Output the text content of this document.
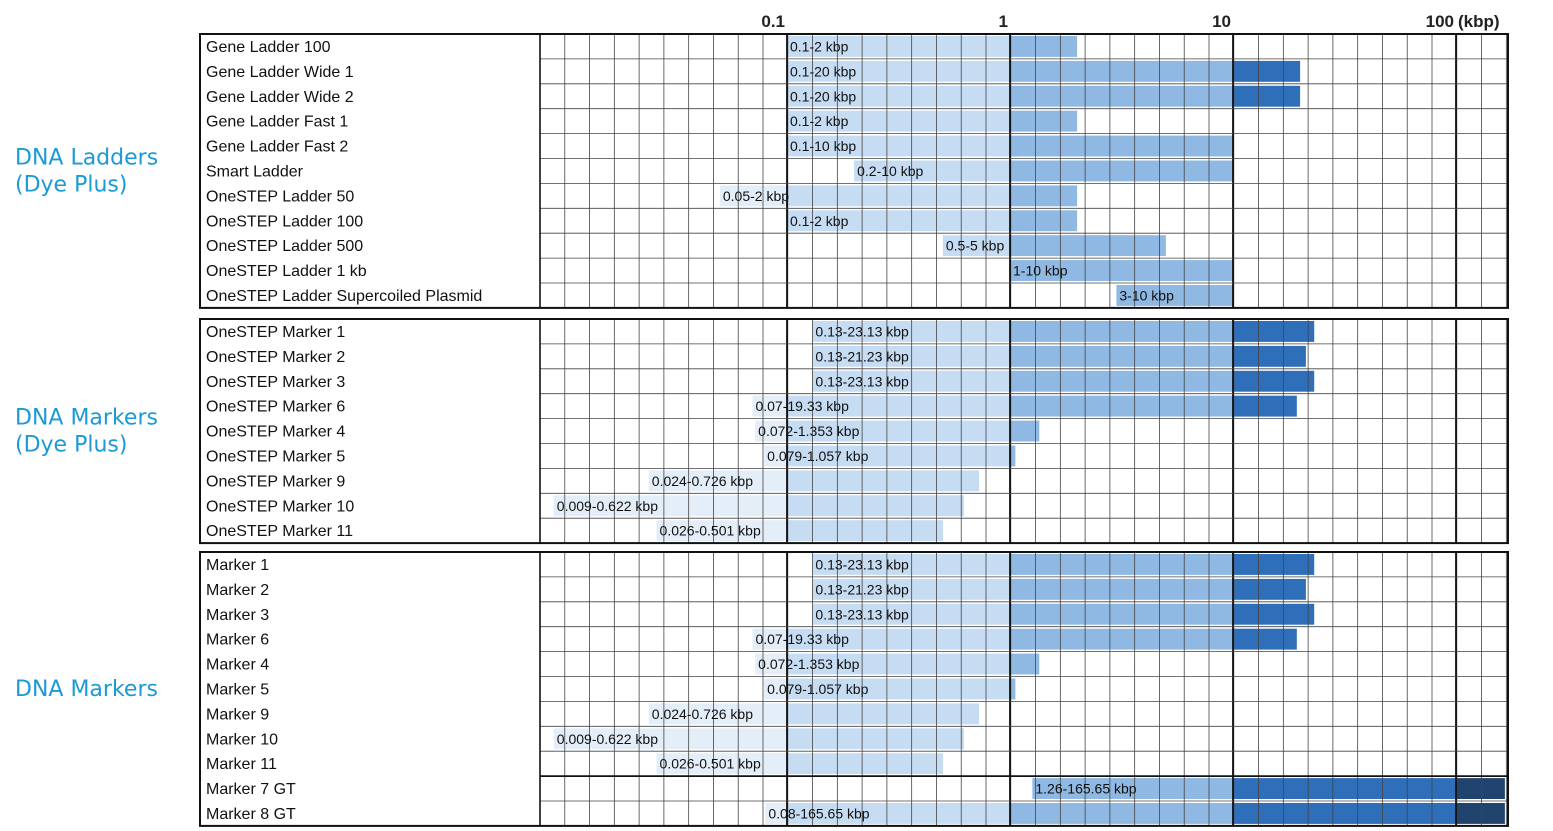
0.1	1	10	100 (kbp)
Gene Ladder 100	0.1-2 kbp
Gene Ladder Wide 1	0.1-20 kbp
Gene Ladder Wide 2	0.1-20 kbp
Gene Ladder Fast 1	0.1-2 kbp
Gene Ladder Fast 2	0.1-10 kbp
Smart Ladder	0.2-10 kbp
OneSTEP Ladder 50	0.05-2 kbp
OneSTEP Ladder 100	0.1-2 kbp
OneSTEP Ladder 500	0.5-5 kbp
OneSTEP Ladder 1 kb	1-10 kbp
OneSTEP Ladder Supercoiled Plasmid	3-10 kbp
DNA Ladders (Dye Plus)
OneSTEP Marker 1	0.13-23.13 kbp
OneSTEP Marker 2	0.13-21.23 kbp
OneSTEP Marker 3	0.13-23.13 kbp
OneSTEP Marker 6	0.07-19.33 kbp
OneSTEP Marker 4	0.072-1.353 kbp
OneSTEP Marker 5	0.079-1.057 kbp
OneSTEP Marker 9	0.024-0.726 kbp
OneSTEP Marker 10	0.009-0.622 kbp
OneSTEP Marker 11	0.026-0.501 kbp
DNA Markers (Dye Plus)
Marker 1	0.13-23.13 kbp
Marker 2	0.13-21.23 kbp
Marker 3	0.13-23.13 kbp
Marker 6	0.07-19.33 kbp
Marker 4	0.072-1.353 kbp
Marker 5	0.079-1.057 kbp
Marker 9	0.024-0.726 kbp
Marker 10	0.009-0.622 kbp
Marker 11	0.026-0.501 kbp
Marker 7 GT	1.26-165.65 kbp
Marker 8 GT	0.08-165.65 kbp
DNA Markers
